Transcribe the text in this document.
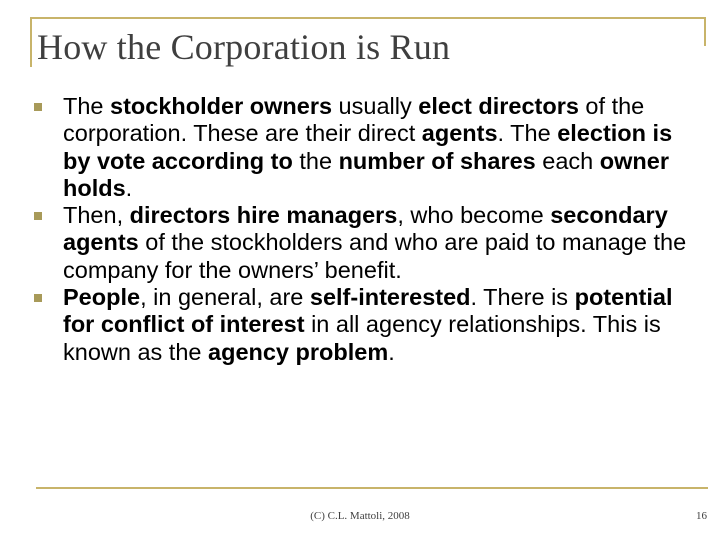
How the Corporation is Run
The stockholder owners usually elect directors of the corporation. These are their direct agents. The election is by vote according to the number of shares each owner holds.
Then, directors hire managers, who become secondary agents of the stockholders and who are paid to manage the company for the owners’ benefit.
People, in general, are self-interested. There is potential for conflict of interest in all agency relationships. This is known as the agency problem.
(C) C.L. Mattoli, 2008	16
